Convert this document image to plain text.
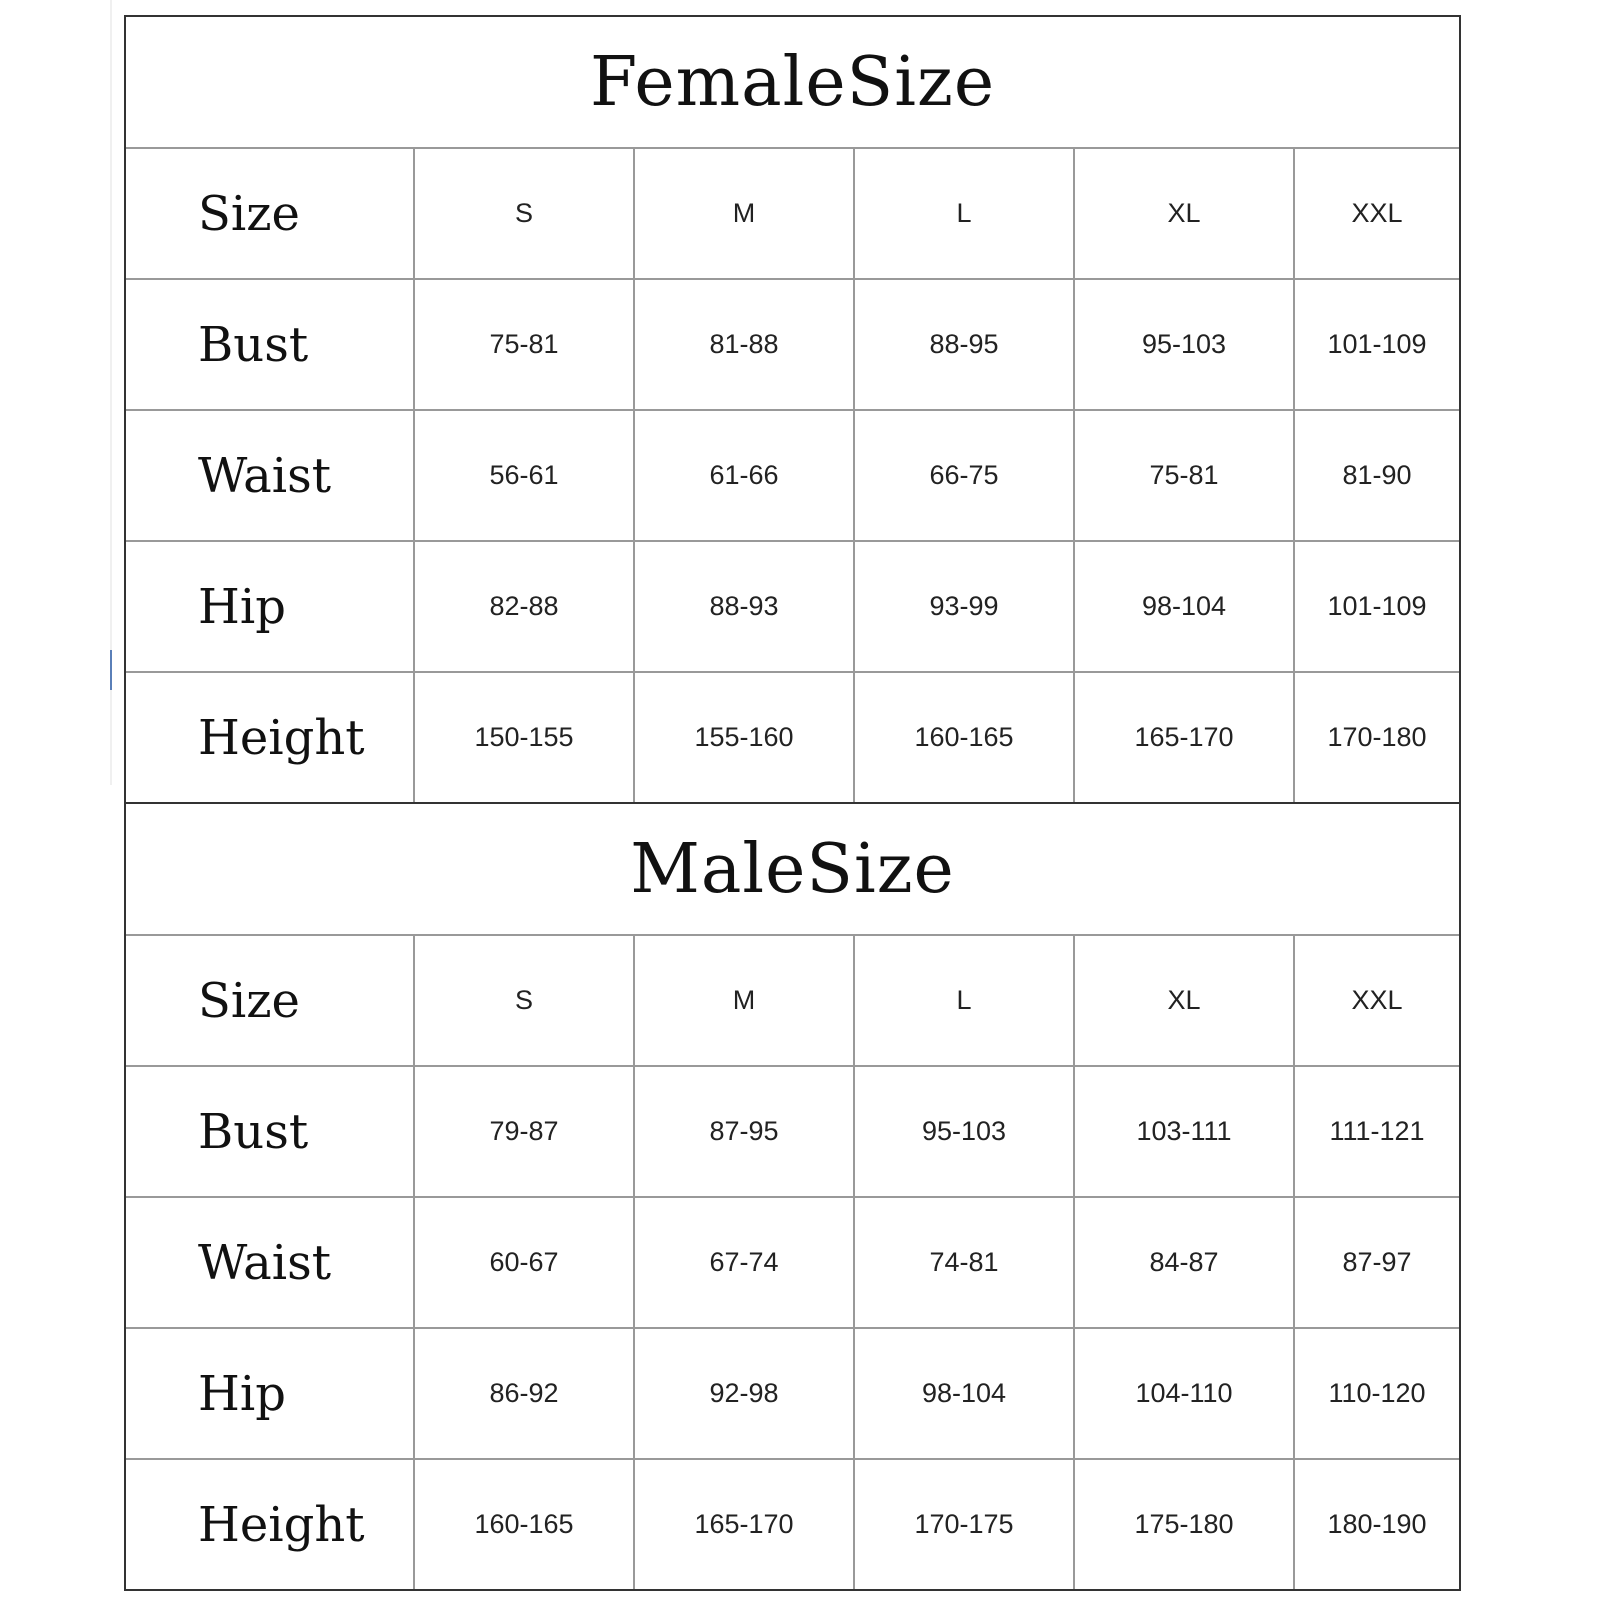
FemaleSize
Size	S	M	L	XL	XXL
Bust	75-81	81-88	88-95	95-103	101-109
Waist	56-61	61-66	66-75	75-81	81-90
Hip	82-88	88-93	93-99	98-104	101-109
Height	150-155	155-160	160-165	165-170	170-180
MaleSize
Size	S	M	L	XL	XXL
Bust	79-87	87-95	95-103	103-111	111-121
Waist	60-67	67-74	74-81	84-87	87-97
Hip	86-92	92-98	98-104	104-110	110-120
Height	160-165	165-170	170-175	175-180	180-190
